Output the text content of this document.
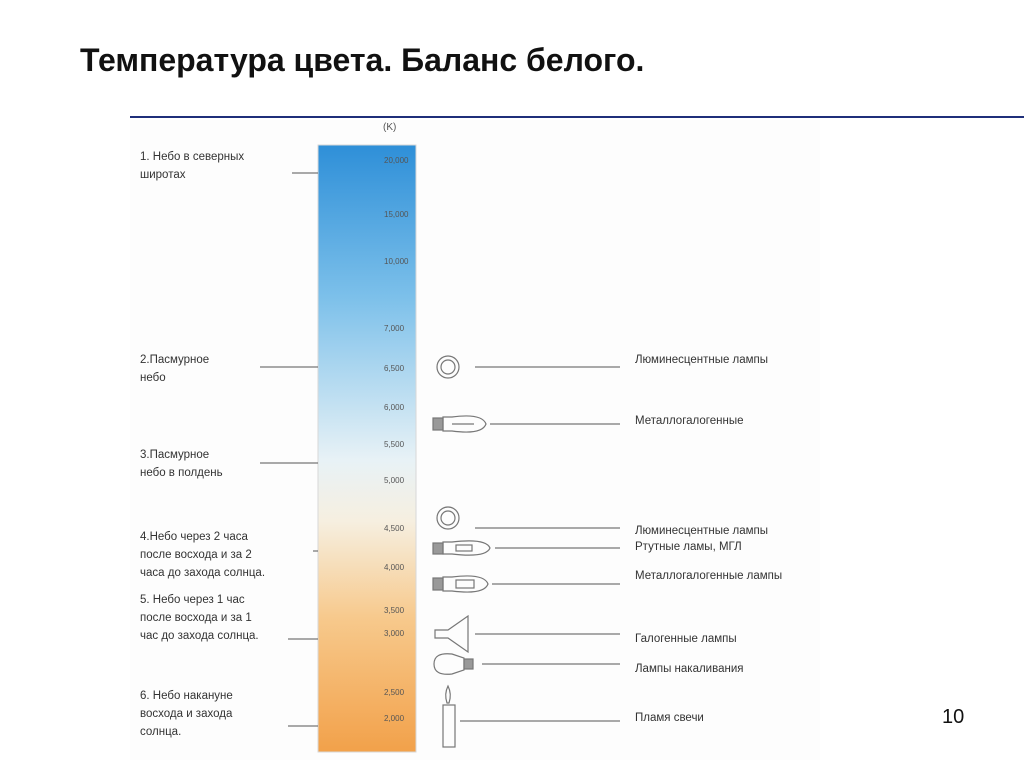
Температура цвета. Баланс белого.
(K)
20,000
15,000
10,000
7,000
6,500
6,000
5,500
5,000
4,500
4,000
3,500
3,000
2,500
2,000
1. Небо в северных
широтах
2.Пасмурное
небо
3.Пасмурное
небо в полдень
4.Небо через 2 часа
после восхода и за 2
часа до захода солнца.
5. Небо через 1 час
после восхода и за 1
час до захода солнца.
6. Небо накануне
восхода и захода
солнца.
Люминесцентные лампы
Металлогалогенные
Люминесцентные лампы
Ртутные ламы, МГЛ
Металлогалогенные лампы
Галогенные лампы
Лампы накаливания
Пламя свечи	10
